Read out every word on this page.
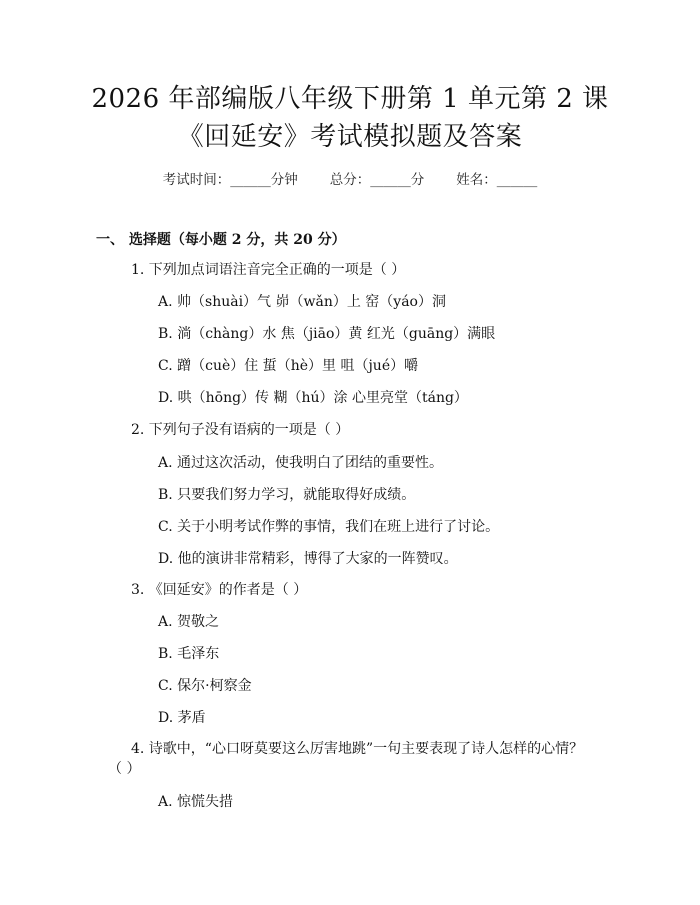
2026 年部编版八年级下册第 1 单元第 2 课
《回延安》考试模拟题及答案
考试时间：______分钟 总分：______分 姓名：______
一、 选择题（每小题 2 分，共 20 分）
1. 下列加点词语注音完全正确的一项是（ ）
A. 帅（shuài）气 峁（wǎn）上 窑（yáo）洞
B. 淌（chàng）水 焦（jiāo）黄 红光（guāng）满眼
C. 蹭（cuè）住 蜇（hè）里 咀（jué）嚼
D. 哄（hōng）传 糊（hú）涂 心里亮堂（táng）
2. 下列句子没有语病的一项是（ ）
A. 通过这次活动，使我明白了团结的重要性。
B. 只要我们努力学习，就能取得好成绩。
C. 关于小明考试作弊的事情，我们在班上进行了讨论。
D. 他的演讲非常精彩，博得了大家的一阵赞叹。
3. 《回延安》的作者是（ ）
A. 贺敬之
B. 毛泽东
C. 保尔·柯察金
D. 茅盾
4. 诗歌中，“心口呀莫要这么厉害地跳”一句主要表现了诗人怎样的心情？
（ ）
A. 惊慌失措
